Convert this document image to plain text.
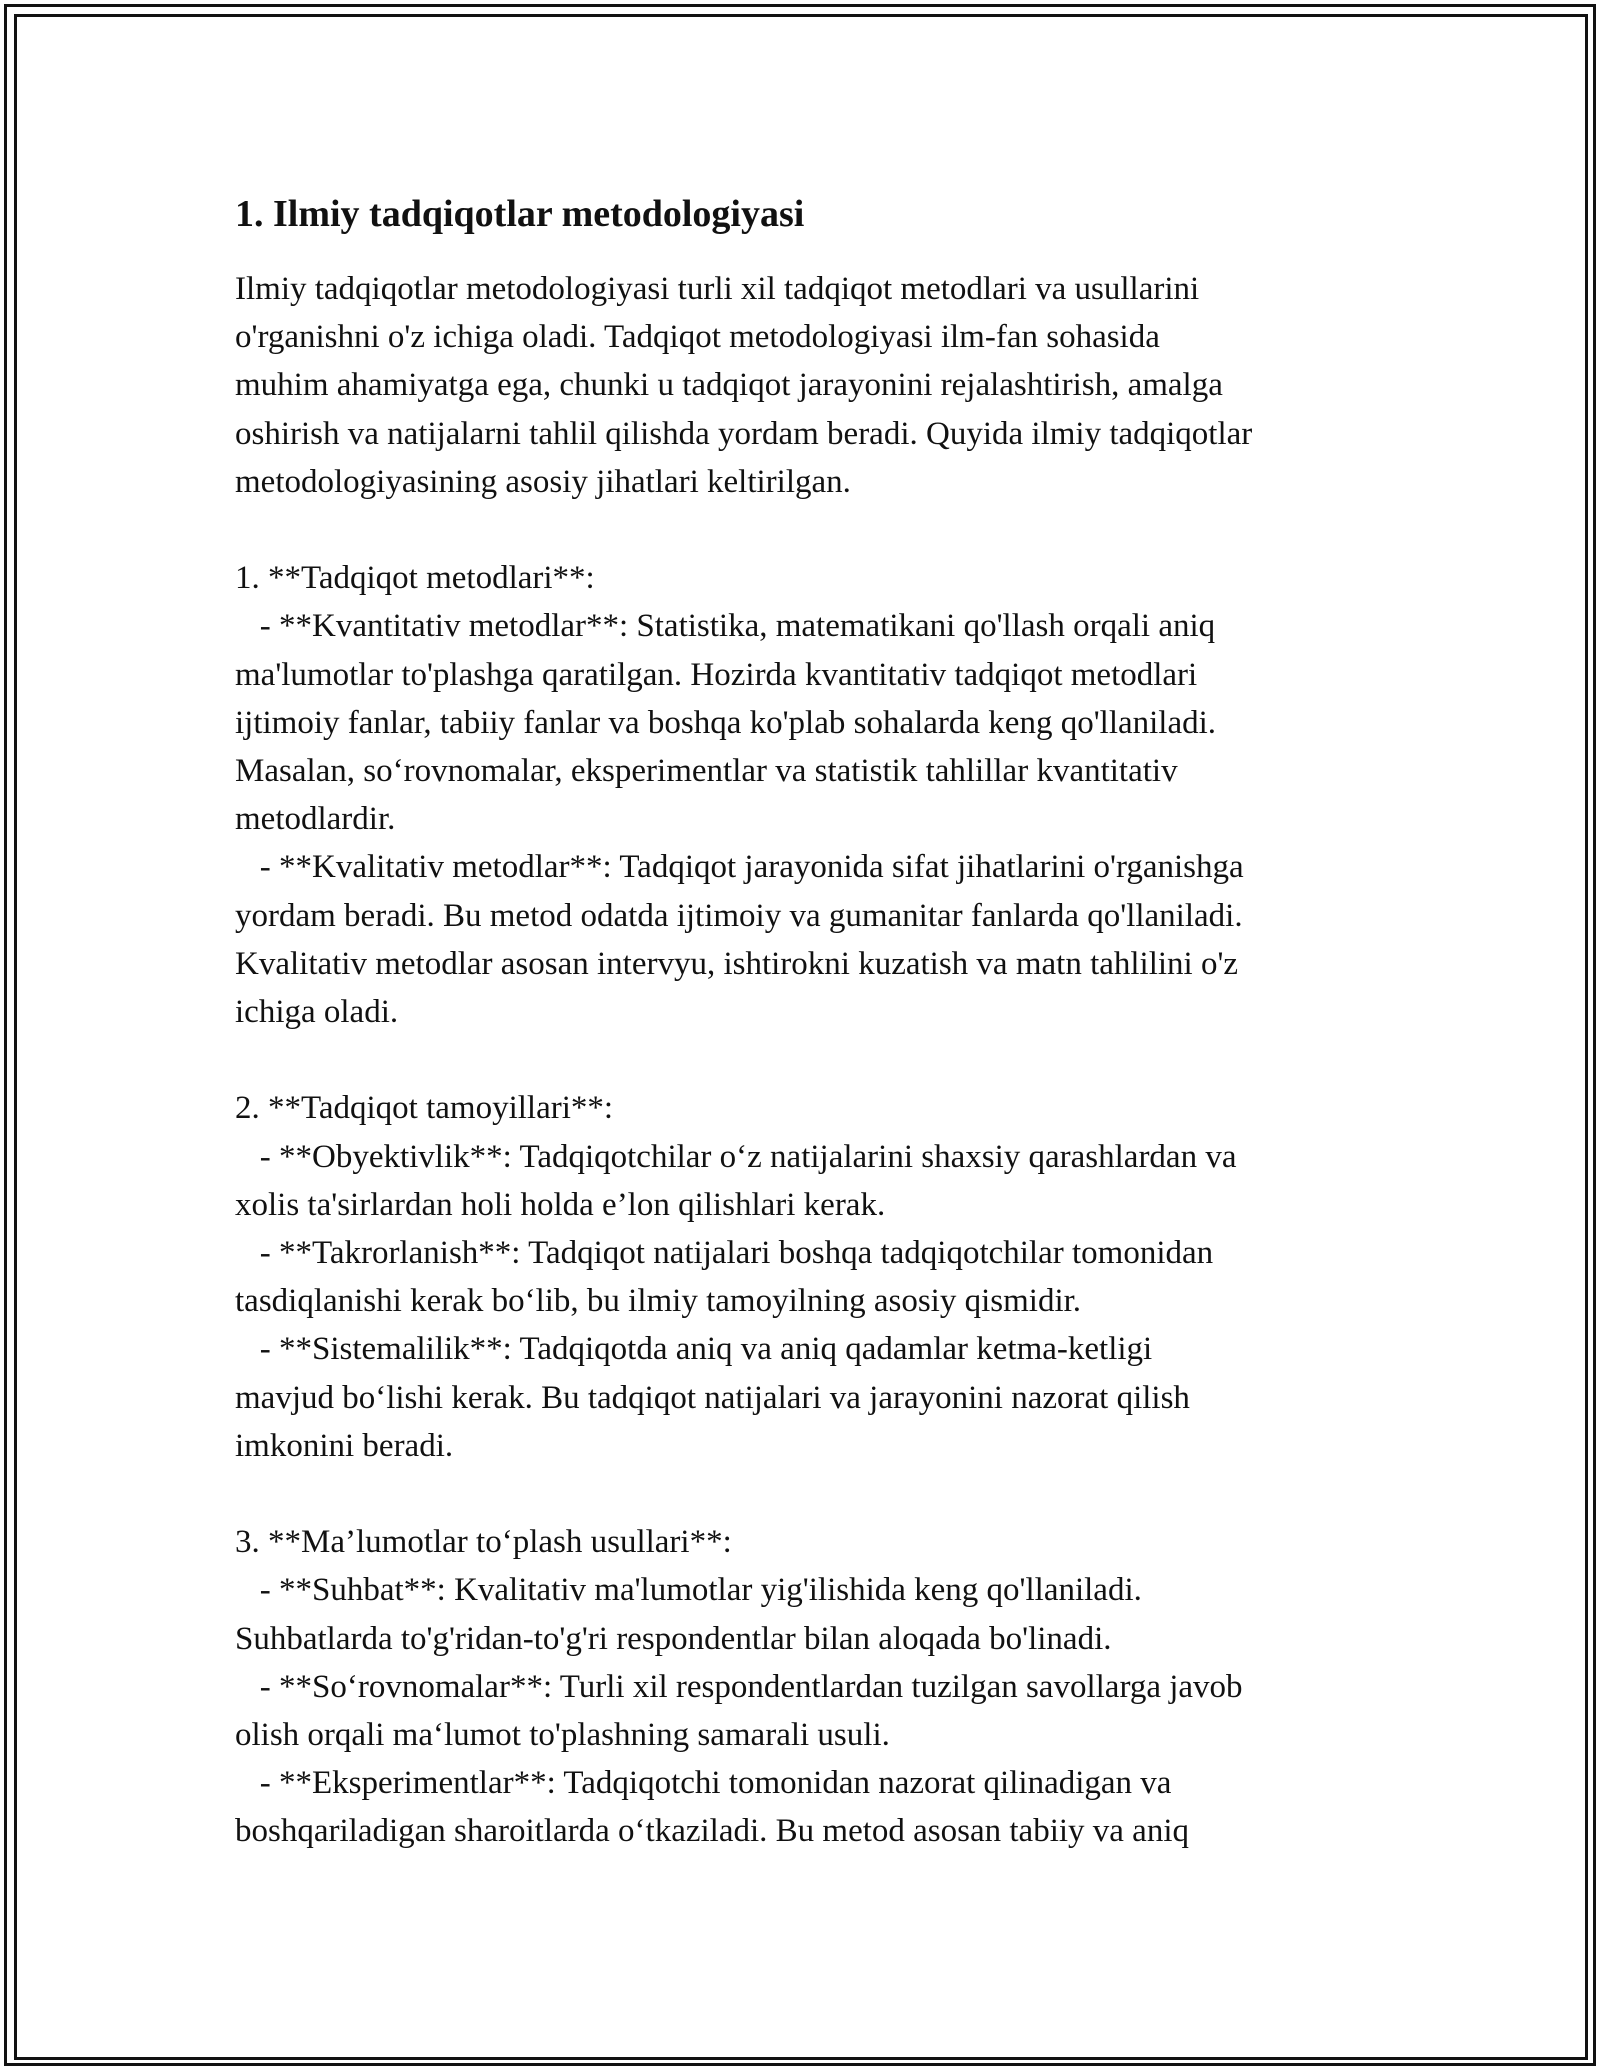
1. Ilmiy tadqiqotlar metodologiyasi

Ilmiy tadqiqotlar metodologiyasi turli xil tadqiqot metodlari va usullarini
o'rganishni o'z ichiga oladi. Tadqiqot metodologiyasi ilm-fan sohasida
muhim ahamiyatga ega, chunki u tadqiqot jarayonini rejalashtirish, amalga
oshirish va natijalarni tahlil qilishda yordam beradi. Quyida ilmiy tadqiqotlar
metodologiyasining asosiy jihatlari keltirilgan.

1. **Tadqiqot metodlari**:
- **Kvantitativ metodlar**: Statistika, matematikani qo'llash orqali aniq
ma'lumotlar to'plashga qaratilgan. Hozirda kvantitativ tadqiqot metodlari
ijtimoiy fanlar, tabiiy fanlar va boshqa ko'plab sohalarda keng qo'llaniladi.
Masalan, so‘rovnomalar, eksperimentlar va statistik tahlillar kvantitativ
metodlardir.
- **Kvalitativ metodlar**: Tadqiqot jarayonida sifat jihatlarini o'rganishga
yordam beradi. Bu metod odatda ijtimoiy va gumanitar fanlarda qo'llaniladi.
Kvalitativ metodlar asosan intervyu, ishtirokni kuzatish va matn tahlilini o'z
ichiga oladi.

2. **Tadqiqot tamoyillari**:
- **Obyektivlik**: Tadqiqotchilar o‘z natijalarini shaxsiy qarashlardan va
xolis ta'sirlardan holi holda e’lon qilishlari kerak.
- **Takrorlanish**: Tadqiqot natijalari boshqa tadqiqotchilar tomonidan
tasdiqlanishi kerak bo‘lib, bu ilmiy tamoyilning asosiy qismidir.
- **Sistemalilik**: Tadqiqotda aniq va aniq qadamlar ketma-ketligi
mavjud bo‘lishi kerak. Bu tadqiqot natijalari va jarayonini nazorat qilish
imkonini beradi.

3. **Ma’lumotlar to‘plash usullari**:
- **Suhbat**: Kvalitativ ma'lumotlar yig'ilishida keng qo'llaniladi.
Suhbatlarda to'g'ridan-to'g'ri respondentlar bilan aloqada bo'linadi.
- **So‘rovnomalar**: Turli xil respondentlardan tuzilgan savollarga javob
olish orqali ma‘lumot to'plashning samarali usuli.
- **Eksperimentlar**: Tadqiqotchi tomonidan nazorat qilinadigan va
boshqariladigan sharoitlarda o‘tkaziladi. Bu metod asosan tabiiy va aniq
